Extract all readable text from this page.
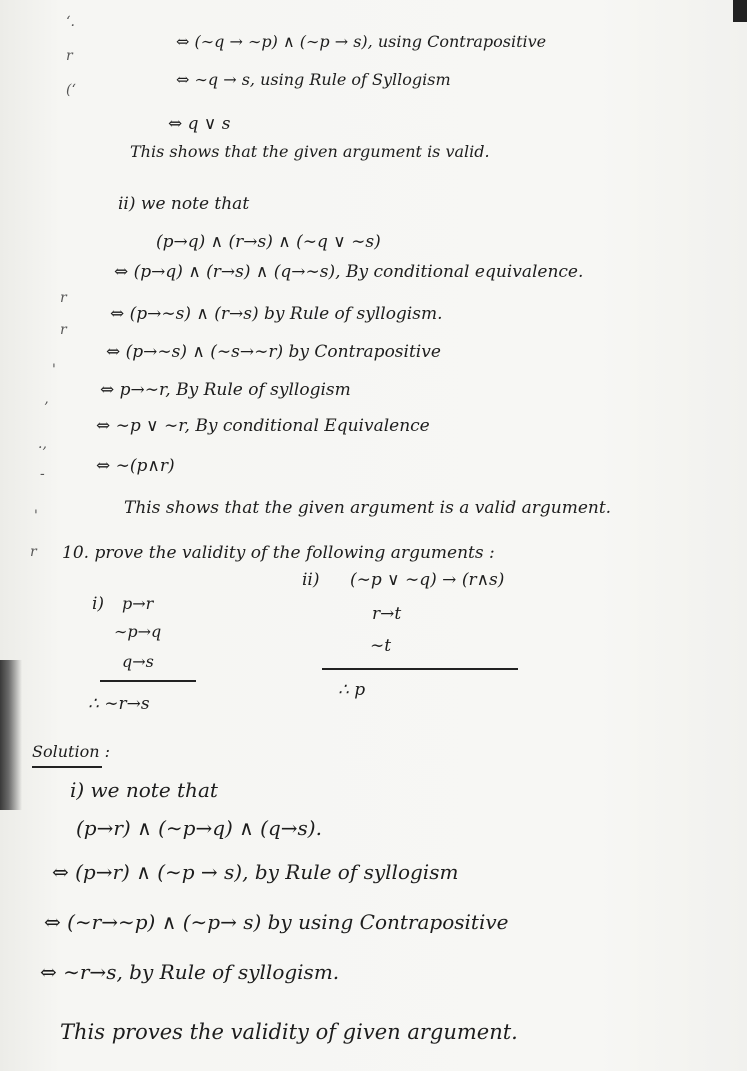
‘.
r
(‘
r
r
'
’
.,
-
'
r
⇔ (∼q → ∼p) ∧ (∼p → s), using Contrapositive
⇔ ∼q → s, using Rule of Syllogism
⇔ q ∨ s
This shows that the given argument is valid.
ii) we note that
(p→q) ∧ (r→s) ∧ (∼q ∨ ∼s)
⇔ (p→q) ∧ (r→s) ∧ (q→∼s), By conditional equivalence.
⇔ (p→∼s) ∧ (r→s) by Rule of syllogism.
⇔ (p→∼s) ∧ (∼s→∼r) by Contrapositive
⇔ p→∼r, By Rule of syllogism
⇔ ∼p ∨ ∼r, By conditional Equivalence
⇔ ∼(p∧r)
This shows that the given argument is a valid argument.
10. prove the validity of the following arguments :
i) p→r
∼p→q
q→s
∴ ∼r→s
ii) (∼p ∨ ∼q) → (r∧s)
r→t
∼t
∴ p
Solution :
i) we note that
(p→r) ∧ (∼p→q) ∧ (q→s).
⇔ (p→r) ∧ (∼p → s), by Rule of syllogism
⇔ (∼r→∼p) ∧ (∼p→ s) by using Contrapositive
⇔ ∼r→s, by Rule of syllogism.
This proves the validity of given argument.
